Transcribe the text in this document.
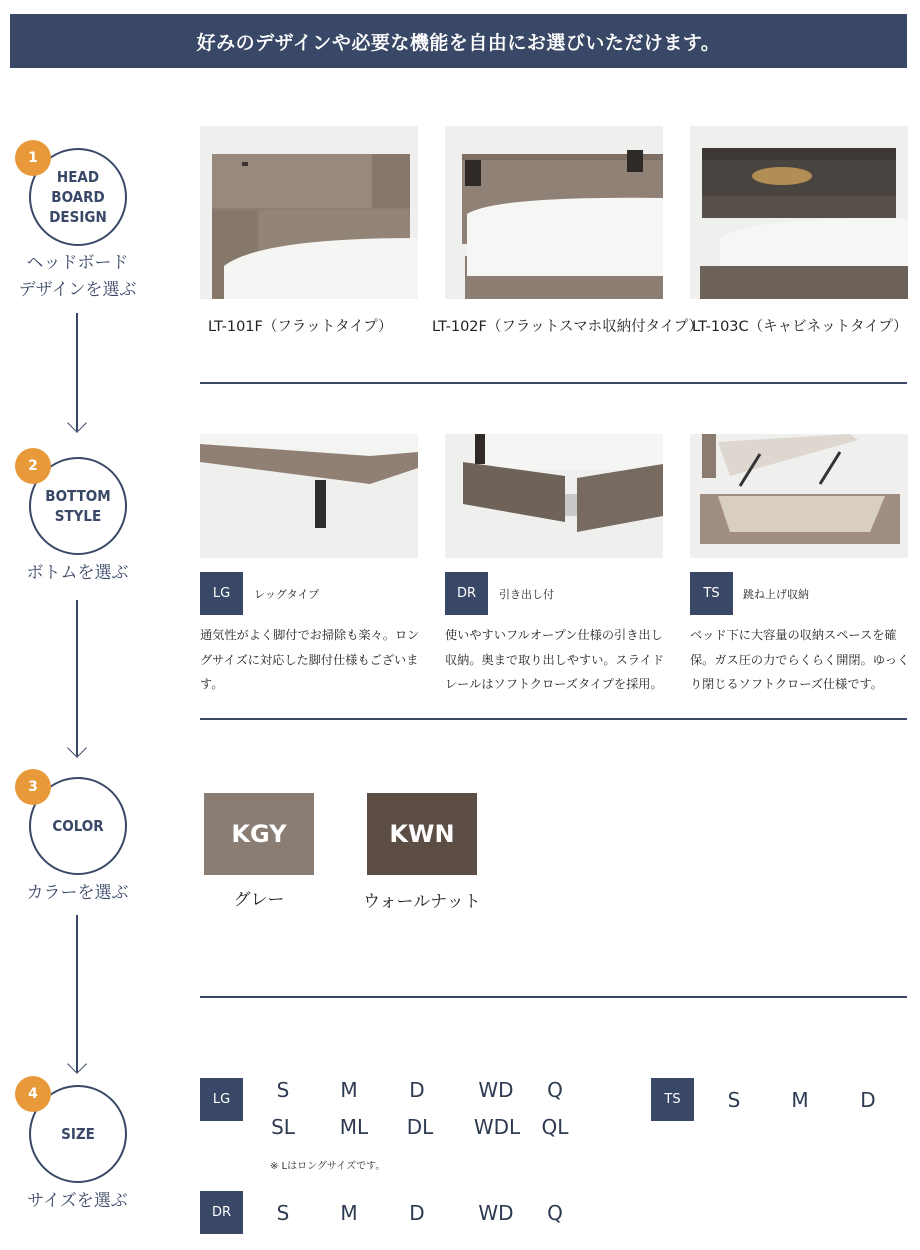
好みのデザインや必要な機能を自由にお選びいただけます。
HEAD
BOARD
DESIGN
1
ヘッドボード
デザインを選ぶ
BOTTOM
STYLE
2
ボトムを選ぶ
COLOR
3
カラーを選ぶ
SIZE
4
サイズを選ぶ
LT-101F（フラットタイプ）	LT-102F（フラットスマホ収納付タイプ）
LT-103C（キャビネットタイプ）
LG	レッグタイプ
通気性がよく脚付でお掃除も楽々。ロングサイズに対応した脚付仕様もございます。
DR	引き出し付
使いやすいフルオープン仕様の引き出し収納。奥まで取り出しやすい。スライドレールはソフトクローズタイプを採用。
TS	跳ね上げ収納
ベッド下に大容量の収納スペースを確保。ガス圧の力でらくらく開閉。ゆっくり閉じるソフトクローズ仕様です。
KGY
グレー
KWN
ウォールナット
LG	S	M	D	WD	Q
SL	ML	DL	WDL	QL
※ Lはロングサイズです。
TS	S	M	D
DR	S	M	D	WD	Q
